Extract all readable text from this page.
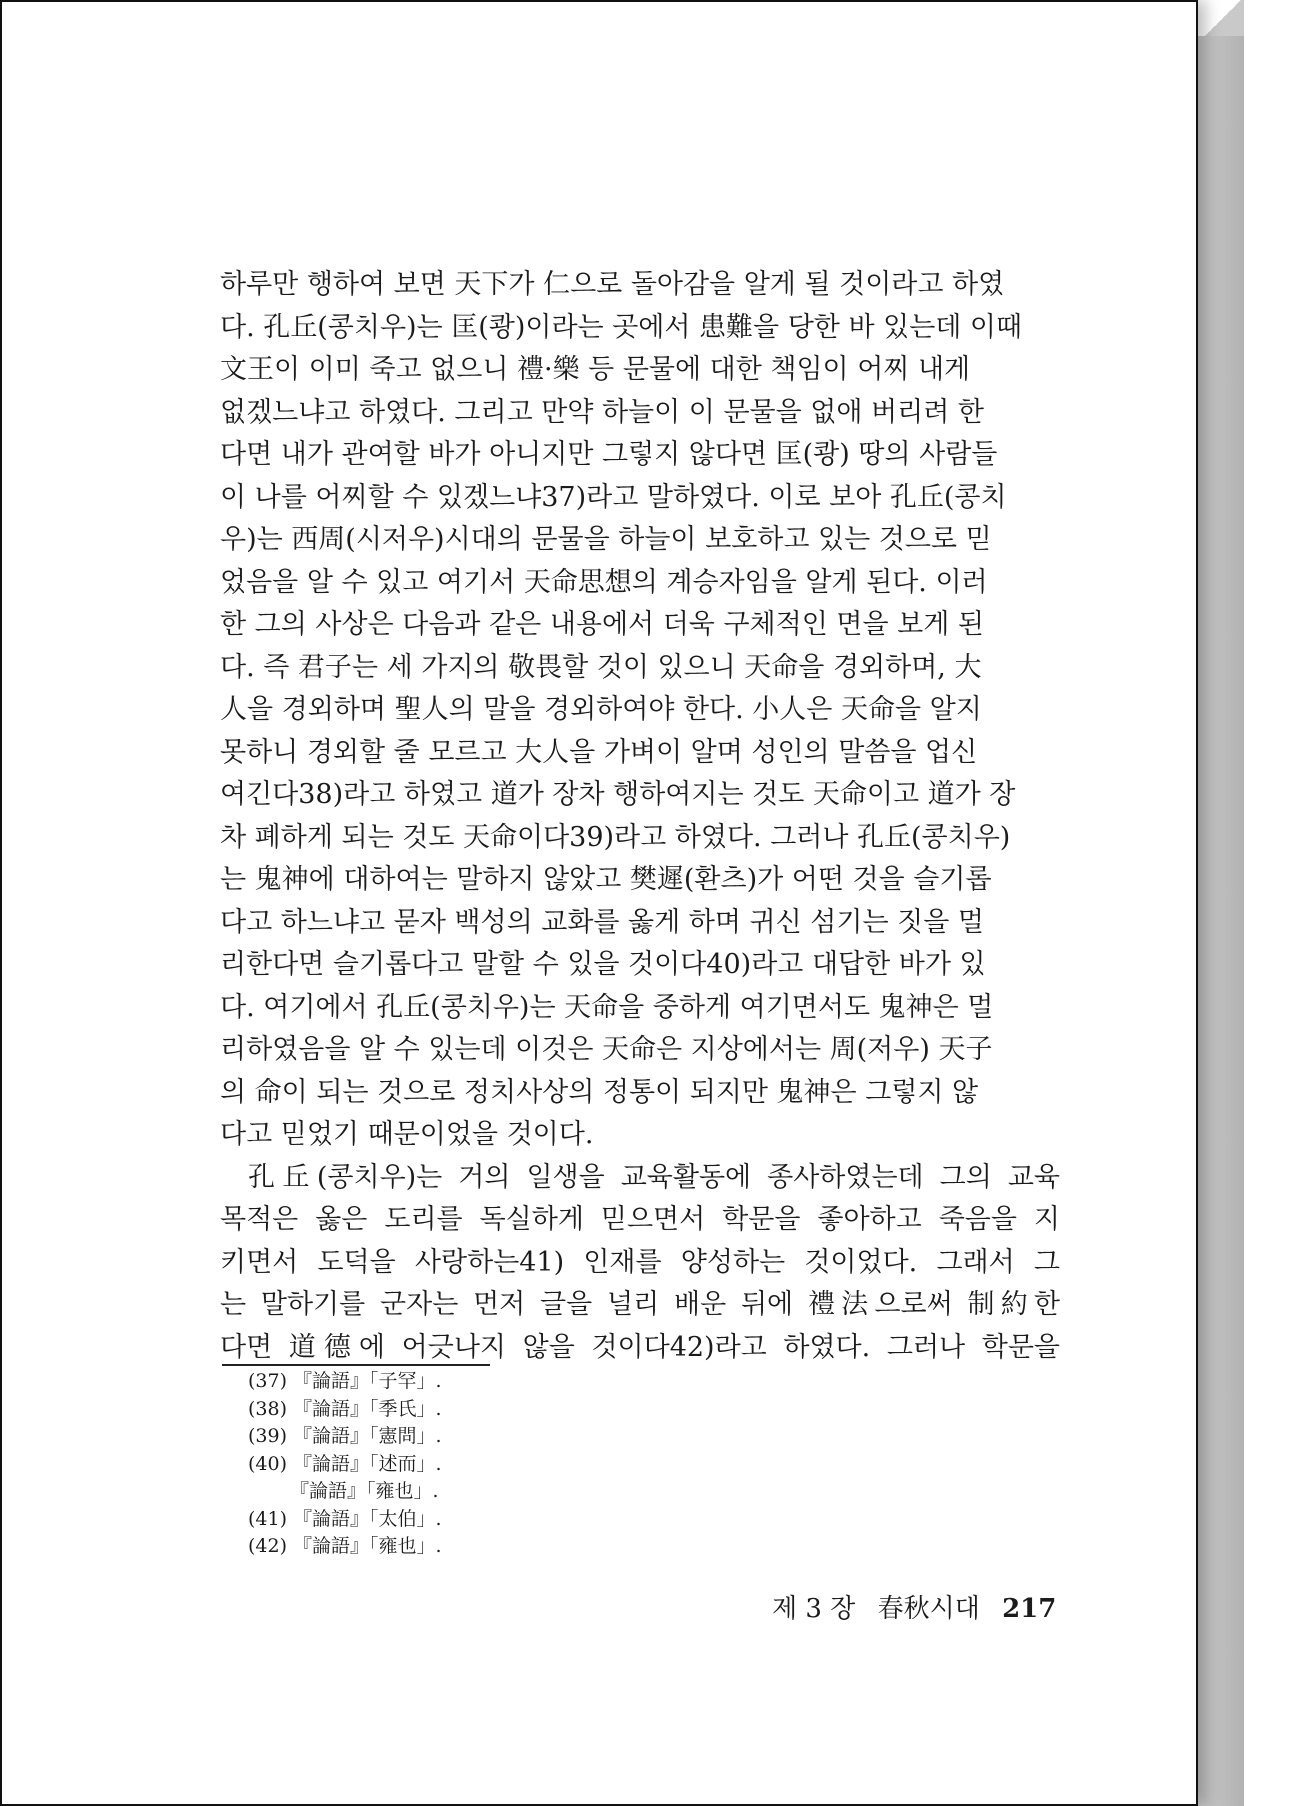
하루만 행하여 보면 天下가 仁으로 돌아감을 알게 될 것이라고 하였
다. 孔丘(콩치우)는 匡(쾅)이라는 곳에서 患難을 당한 바 있는데 이때
文王이 이미 죽고 없으니 禮·樂 등 문물에 대한 책임이 어찌 내게
없겠느냐고 하였다. 그리고 만약 하늘이 이 문물을 없애 버리려 한
다면 내가 관여할 바가 아니지만 그렇지 않다면 匡(쾅) 땅의 사람들
이 나를 어찌할 수 있겠느냐37)라고 말하였다. 이로 보아 孔丘(콩치
우)는 西周(시저우)시대의 문물을 하늘이 보호하고 있는 것으로 믿
었음을 알 수 있고 여기서 天命思想의 계승자임을 알게 된다. 이러
한 그의 사상은 다음과 같은 내용에서 더욱 구체적인 면을 보게 된
다. 즉 君子는 세 가지의 敬畏할 것이 있으니 天命을 경외하며, 大
人을 경외하며 聖人의 말을 경외하여야 한다. 小人은 天命을 알지
못하니 경외할 줄 모르고 大人을 가벼이 알며 성인의 말씀을 업신
여긴다38)라고 하였고 道가 장차 행하여지는 것도 天命이고 道가 장
차 폐하게 되는 것도 天命이다39)라고 하였다. 그러나 孔丘(콩치우)
는 鬼神에 대하여는 말하지 않았고 樊遲(환츠)가 어떤 것을 슬기롭
다고 하느냐고 묻자 백성의 교화를 옳게 하며 귀신 섬기는 짓을 멀
리한다면 슬기롭다고 말할 수 있을 것이다40)라고 대답한 바가 있
다. 여기에서 孔丘(콩치우)는 天命을 중하게 여기면서도 鬼神은 멀
리하였음을 알 수 있는데 이것은 天命은 지상에서는 周(저우) 天子
의 命이 되는 것으로 정치사상의 정통이 되지만 鬼神은 그렇지 않
다고 믿었기 때문이었을 것이다.

孔丘(콩치우)는 거의 일생을 교육활동에 종사하였는데 그의 교육
목적은 옳은 도리를 독실하게 믿으면서 학문을 좋아하고 죽음을 지
키면서 도덕을 사랑하는41) 인재를 양성하는 것이었다. 그래서 그
는 말하기를 군자는 먼저 글을 널리 배운 뒤에 禮法으로써 制約한
다면 道德에 어긋나지 않을 것이다42)라고 하였다. 그러나 학문을

(37) 『論語』「子罕」.
(38) 『論語』「季氏」.
(39) 『論語』「憲問」.
(40) 『論語』「述而」.
『論語』「雍也」.
(41) 『論語』「太伯」.
(42) 『論語』「雍也」.
제 3 장 春秋시대 217
